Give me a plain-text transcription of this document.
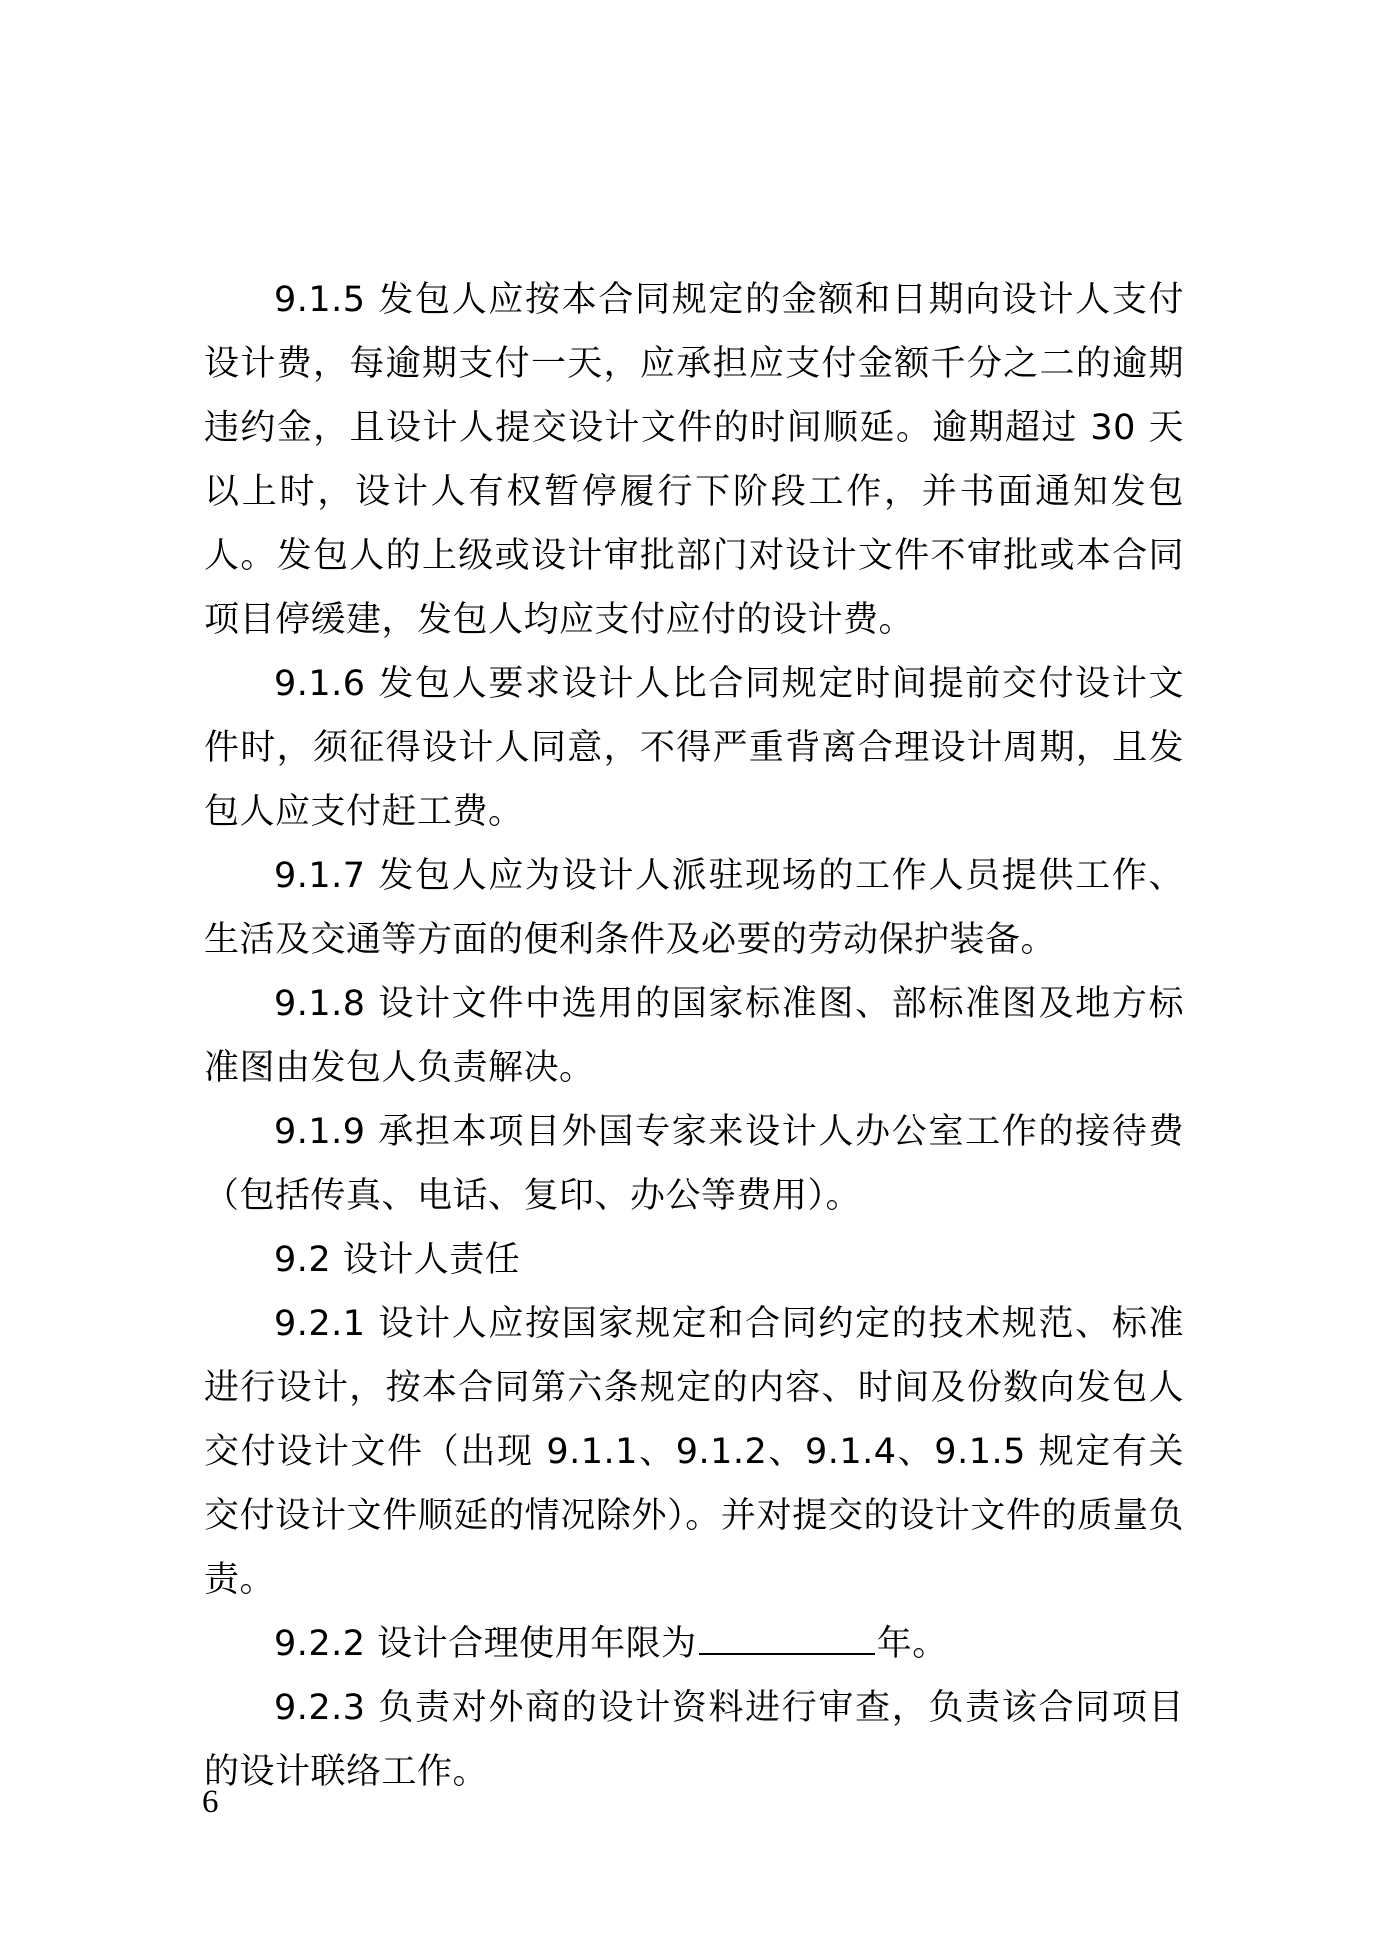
9.1.5 发包人应按本合同规定的金额和日期向设计人支付设计费，每逾期支付一天，应承担应支付金额千分之二的逾期违约金，且设计人提交设计文件的时间顺延。逾期超过 30 天以上时，设计人有权暂停履行下阶段工作，并书面通知发包人。发包人的上级或设计审批部门对设计文件不审批或本合同项目停缓建，发包人均应支付应付的设计费。

9.1.6 发包人要求设计人比合同规定时间提前交付设计文件时，须征得设计人同意，不得严重背离合理设计周期，且发包人应支付赶工费。

9.1.7 发包人应为设计人派驻现场的工作人员提供工作、生活及交通等方面的便利条件及必要的劳动保护装备。

9.1.8 设计文件中选用的国家标准图、部标准图及地方标准图由发包人负责解决。

9.1.9 承担本项目外国专家来设计人办公室工作的接待费（包括传真、电话、复印、办公等费用）。

9.2 设计人责任

9.2.1 设计人应按国家规定和合同约定的技术规范、标准进行设计，按本合同第六条规定的内容、时间及份数向发包人交付设计文件（出现 9.1.1、9.1.2、9.1.4、9.1.5 规定有关交付设计文件顺延的情况除外）。并对提交的设计文件的质量负责。

9.2.2 设计合理使用年限为	年。

9.2.3 负责对外商的设计资料进行审查，负责该合同项目的设计联络工作。

6
